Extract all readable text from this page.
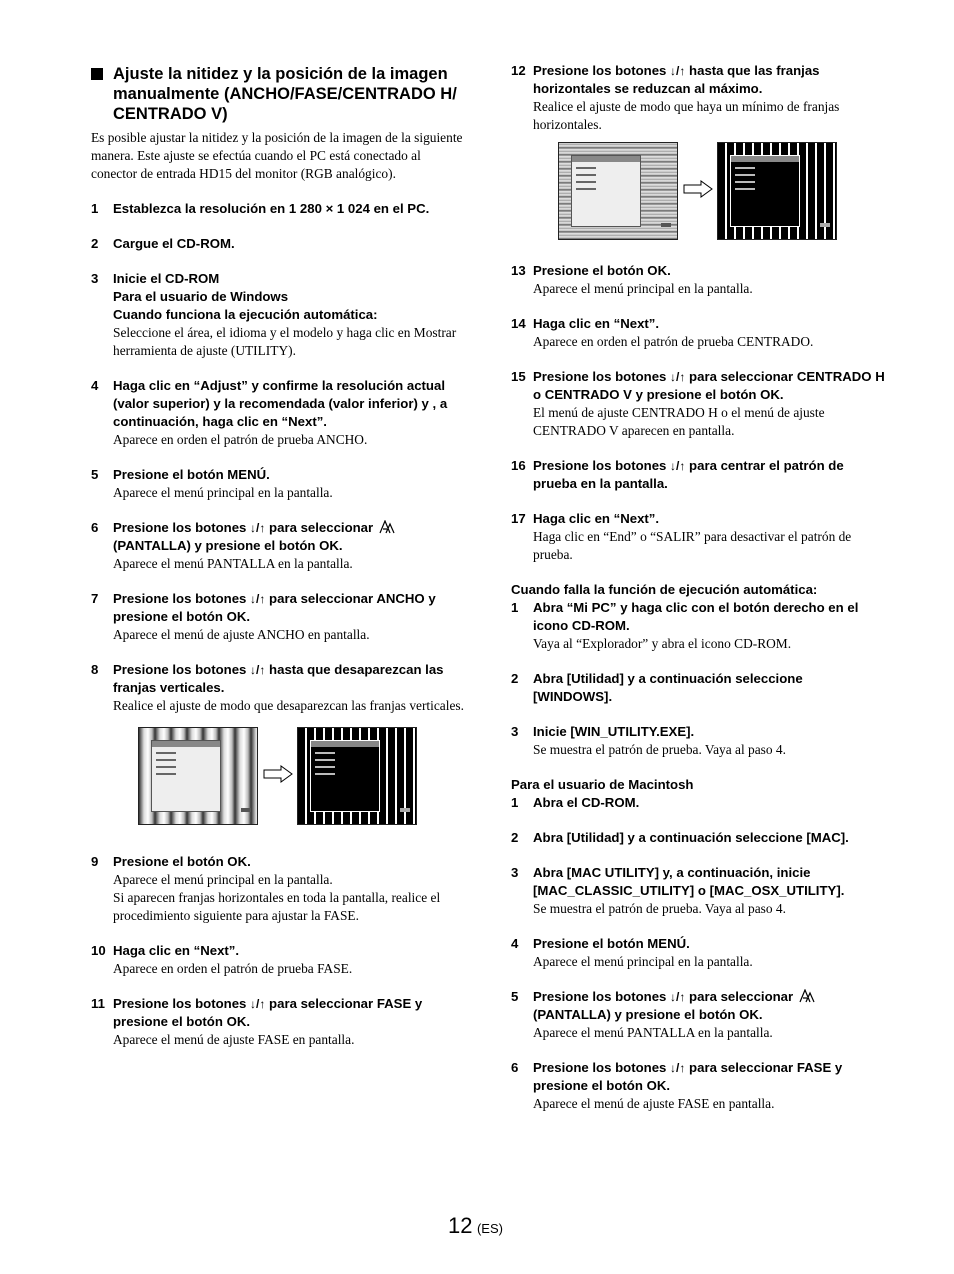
Ajuste la nitidez y la posición de la imagen manualmente (ANCHO/FASE/CENTRADO H/ CENTRADO V)
Es posible ajustar la nitidez y la posición de la imagen de la siguiente manera. Este ajuste se efectúa cuando el PC está conectado al conector de entrada HD15 del monitor (RGB analógico).
1 Establezca la resolución en 1 280 × 1 024 en el PC.
2 Cargue el CD-ROM.
3 Inicie el CD-ROM
Para el usuario de Windows
Cuando funciona la ejecución automática:
Seleccione el área, el idioma y el modelo y haga clic en Mostrar herramienta de ajuste (UTILITY).
4 Haga clic en “Adjust” y confirme la resolución actual (valor superior) y la recomendada (valor inferior) y , a continuación, haga clic en “Next”.
Aparece en orden el patrón de prueba ANCHO.
5 Presione el botón MENÚ.
Aparece el menú principal en la pantalla.
6 Presione los botones ↓/↑ para seleccionar
(PANTALLA) y presione el botón OK.
Aparece el menú PANTALLA en la pantalla.
7 Presione los botones ↓/↑ para seleccionar ANCHO y presione el botón OK.
Aparece el menú de ajuste ANCHO en pantalla.
8 Presione los botones ↓/↑ hasta que desaparezcan las franjas verticales.
Realice el ajuste de modo que desaparezcan las franjas verticales.
9 Presione el botón OK.
Aparece el menú principal en la pantalla.
Si aparecen franjas horizontales en toda la pantalla, realice el procedimiento siguiente para ajustar la FASE.
10 Haga clic en “Next”.
Aparece en orden el patrón de prueba FASE.
11 Presione los botones ↓/↑ para seleccionar FASE y presione el botón OK.
Aparece el menú de ajuste FASE en pantalla.
12 Presione los botones ↓/↑ hasta que las franjas horizontales se reduzcan al máximo.
Realice el ajuste de modo que haya un mínimo de franjas horizontales.
13 Presione el botón OK.
Aparece el menú principal en la pantalla.
14 Haga clic en “Next”.
Aparece en orden el patrón de prueba CENTRADO.
15 Presione los botones ↓/↑ para seleccionar CENTRADO H o CENTRADO V y presione el botón OK.
El menú de ajuste CENTRADO H o el menú de ajuste CENTRADO V aparecen en pantalla.
16 Presione los botones ↓/↑ para centrar el patrón de prueba en la pantalla.
17 Haga clic en “Next”.
Haga clic en “End” o “SALIR” para desactivar el patrón de prueba.
Cuando falla la función de ejecución automática:
1 Abra “Mi PC” y haga clic con el botón derecho en el icono CD-ROM.
Vaya al “Explorador” y abra el icono CD-ROM.
2 Abra [Utilidad] y a continuación seleccione [WINDOWS].
3 Inicie [WIN_UTILITY.EXE].
Se muestra el patrón de prueba. Vaya al paso 4.
Para el usuario de Macintosh
1 Abra el CD-ROM.
2 Abra [Utilidad] y a continuación seleccione [MAC].
3 Abra [MAC UTILITY] y, a continuación, inicie [MAC_CLASSIC_UTILITY] o [MAC_OSX_UTILITY].
Se muestra el patrón de prueba. Vaya al paso 4.
4 Presione el botón MENÚ.
Aparece el menú principal en la pantalla.
5 Presione los botones ↓/↑ para seleccionar
(PANTALLA) y presione el botón OK.
Aparece el menú PANTALLA en la pantalla.
6 Presione los botones ↓/↑ para seleccionar FASE y presione el botón OK.
Aparece el menú de ajuste FASE en pantalla.
12 (ES)
